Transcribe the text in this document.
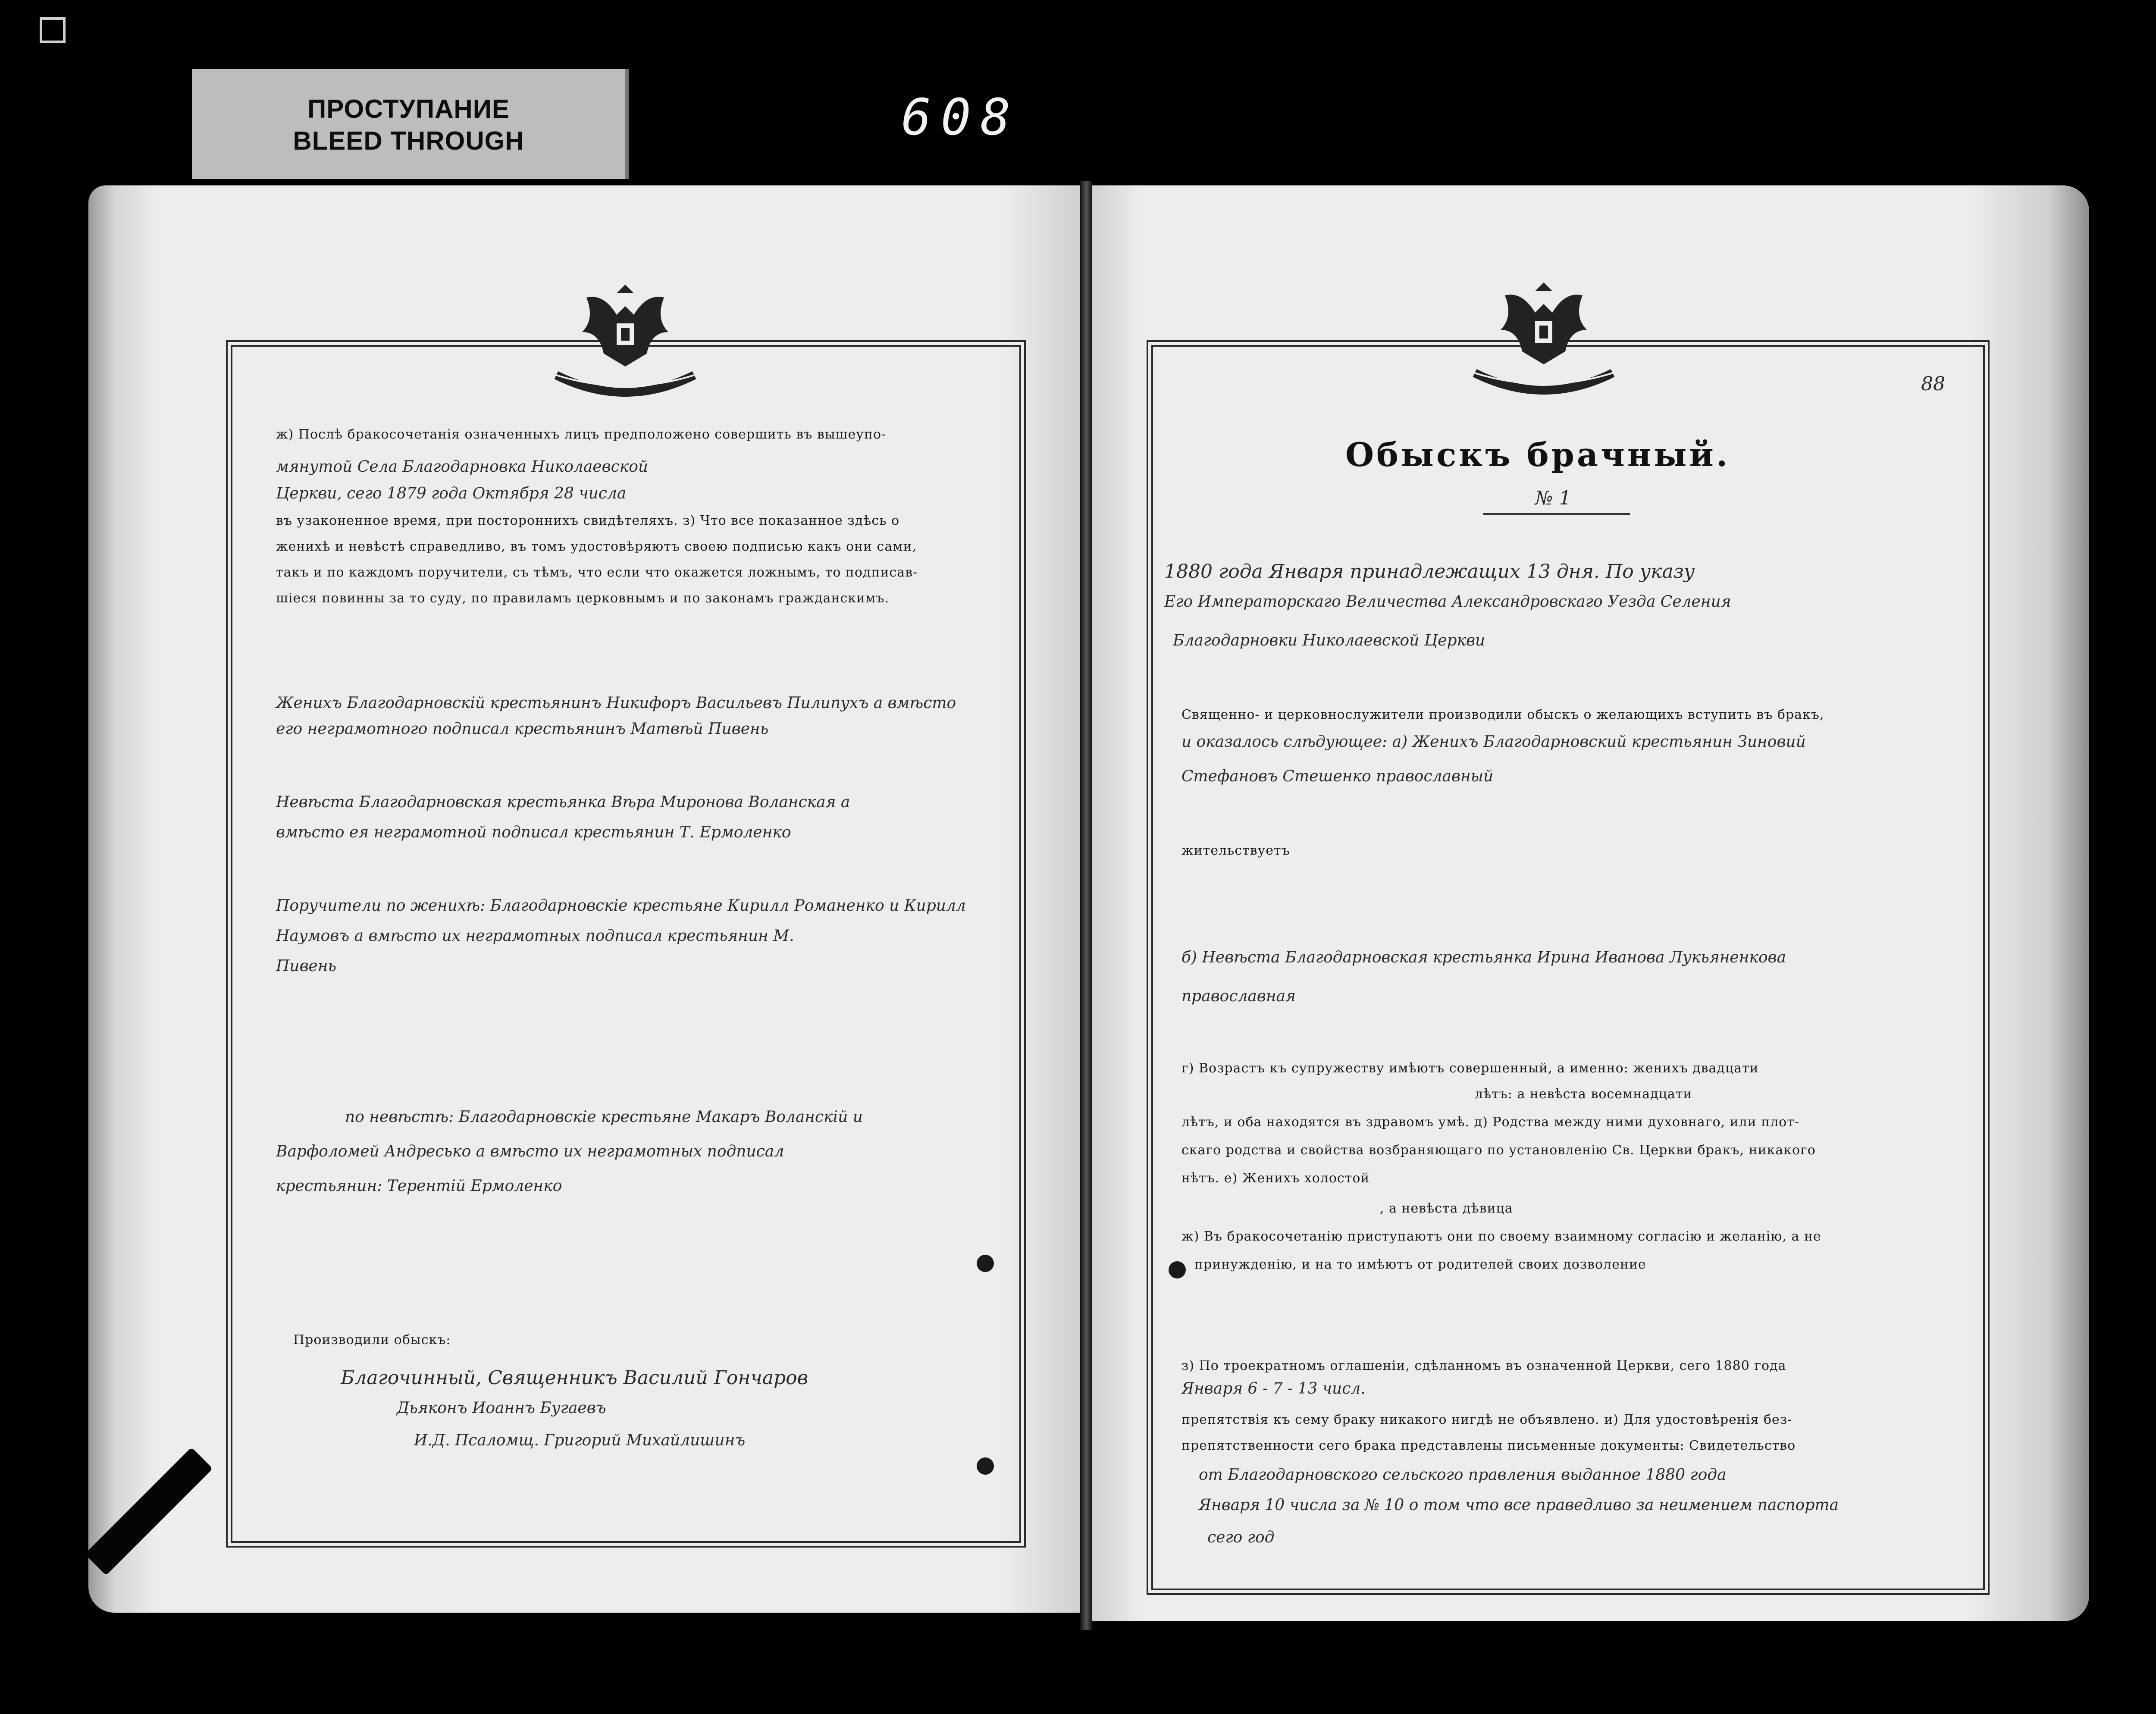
ПРОСТУПАНИЕ
BLEED THROUGH	608
ж) Послѣ бракосочетанія означенныхъ лицъ предположено совершить въ вышеупо-
мянутой Села Благодарновка Николаевской
Церкви, сего 1879 года Октября 28 числа
въ узаконенное время, при постороннихъ свидѣтеляхъ. з) Что все показанное здѣсь о
женихѣ и невѣстѣ справедливо, въ томъ удостовѣряютъ своею подписью какъ они сами,
такъ и по каждомъ поручители, съ тѣмъ, что если что окажется ложнымъ, то подписав-
шіеся повинны за то суду, по правиламъ церковнымъ и по законамъ гражданскимъ.
Женихъ Благодарновскій крестьянинъ Никифоръ Васильевъ Пилипухъ а вмѣсто
его неграмотного подписал крестьянинъ Матвѣй Пивень
Невѣста Благодарновская крестьянка Вѣра Миронова Воланская а
вмѣсто ея неграмотной подписал крестьянин Т. Ермоленко
Поручители по женихѣ: Благодарновскіе крестьяне Кирилл Романенко и Кирилл
Наумовъ а вмѣсто их неграмотных подписал крестьянин М.
Пивень
по невѣстѣ: Благодарновскіе крестьяне Макаръ Воланскій и
Варфоломей Андресько а вмѣсто их неграмотных подписал
крестьянин: Терентій Ермоленко
Производили обыскъ:
Благочинный, Священникъ Василий Гончаров
Дьяконъ Иоаннъ Бугаевъ
И.Д. Псаломщ. Григорий Михайлишинъ
88
Обыскъ брачный.
№ 1
1880 года Января принадлежащих 13 дня. По указу
Его Императорскаго Величества Александровскаго Уезда Селения
Благодарновки Николаевской Церкви
Священно- и церковнослужители производили обыскъ о желающихъ вступить въ бракъ,
и оказалось слѣдующее: а) Женихъ Благодарновский крестьянин Зиновий
Стефановъ Стешенко православный
жительствуетъ
б) Невѣста Благодарновская крестьянка Ирина Иванова Лукьяненкова
православная
г) Возрастъ къ супружеству имѣютъ совершенный, а именно: женихъ двадцати
лѣтъ: а невѣста восемнадцати
лѣтъ, и оба находятся въ здравомъ умѣ. д) Родства между ними духовнаго, или плот-
скаго родства и свойства возбраняющаго по установленію Св. Церкви бракъ, никакого
нѣтъ. е) Женихъ холостой
, а невѣста дѣвица
ж) Въ бракосочетанію приступаютъ они по своему взаимному согласію и желанію, а не
принужденію, и на то имѣютъ от родителей своих дозволение
з) По троекратномъ оглашеніи, сдѣланномъ въ означенной Церкви, сего 1880 года
Января 6 - 7 - 13 числ.
препятствія къ сему браку никакого нигдѣ не объявлено. и) Для удостовѣренія без-
препятственности сего брака представлены письменные документы: Свидетельство
от Благодарновского сельского правления выданное 1880 года
Января 10 числа за № 10 о том что все праведливо за неимением паспорта
сего год
